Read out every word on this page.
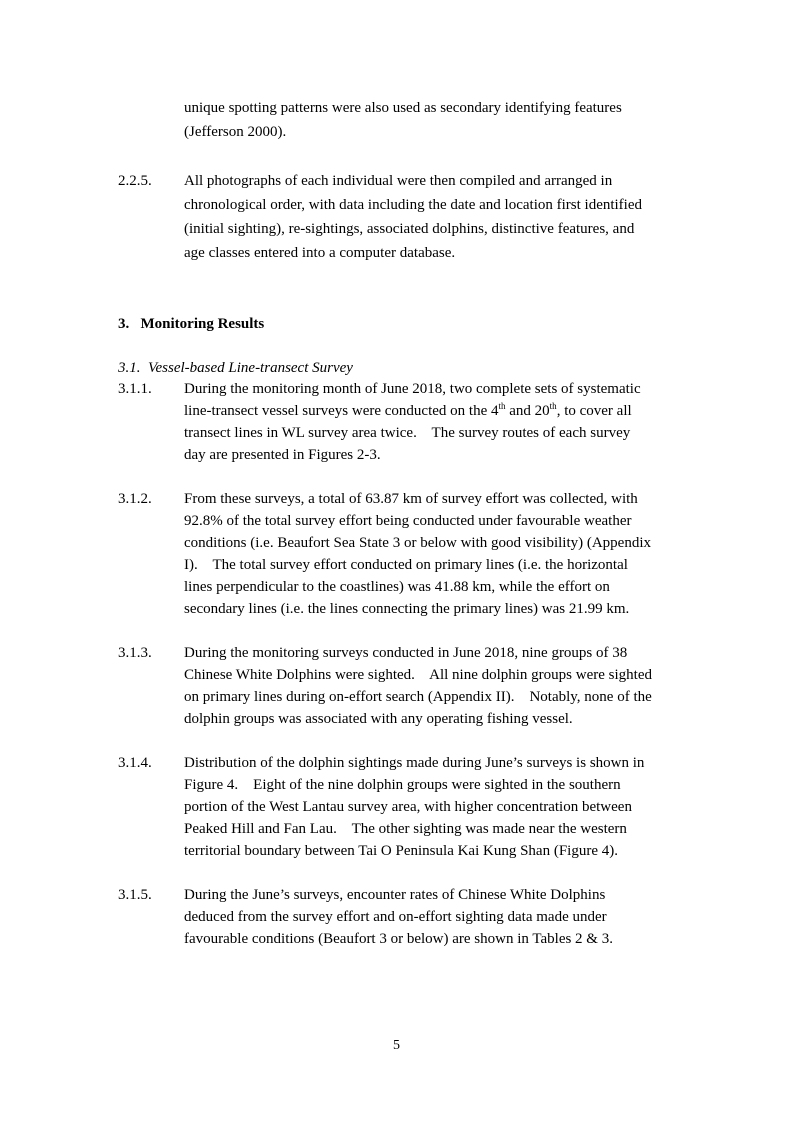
unique spotting patterns were also used as secondary identifying features
(Jefferson 2000).
2.2.5. All photographs of each individual were then compiled and arranged in
chronological order, with data including the date and location first identified
(initial sighting), re-sightings, associated dolphins, distinctive features, and
age classes entered into a computer database.
3.   Monitoring Results
3.1.  Vessel-based Line-transect Survey
3.1.1. During the monitoring month of June 2018, two complete sets of systematic
line-transect vessel surveys were conducted on the 4th and 20th, to cover all
transect lines in WL survey area twice.    The survey routes of each survey
day are presented in Figures 2-3.
3.1.2. From these surveys, a total of 63.87 km of survey effort was collected, with
92.8% of the total survey effort being conducted under favourable weather
conditions (i.e. Beaufort Sea State 3 or below with good visibility) (Appendix
I).    The total survey effort conducted on primary lines (i.e. the horizontal
lines perpendicular to the coastlines) was 41.88 km, while the effort on
secondary lines (i.e. the lines connecting the primary lines) was 21.99 km.
3.1.3. During the monitoring surveys conducted in June 2018, nine groups of 38
Chinese White Dolphins were sighted.    All nine dolphin groups were sighted
on primary lines during on-effort search (Appendix II).    Notably, none of the
dolphin groups was associated with any operating fishing vessel.
3.1.4. Distribution of the dolphin sightings made during June’s surveys is shown in
Figure 4.    Eight of the nine dolphin groups were sighted in the southern
portion of the West Lantau survey area, with higher concentration between
Peaked Hill and Fan Lau.    The other sighting was made near the western
territorial boundary between Tai O Peninsula Kai Kung Shan (Figure 4).
3.1.5. During the June’s surveys, encounter rates of Chinese White Dolphins
deduced from the survey effort and on-effort sighting data made under
favourable conditions (Beaufort 3 or below) are shown in Tables 2 & 3.
5
